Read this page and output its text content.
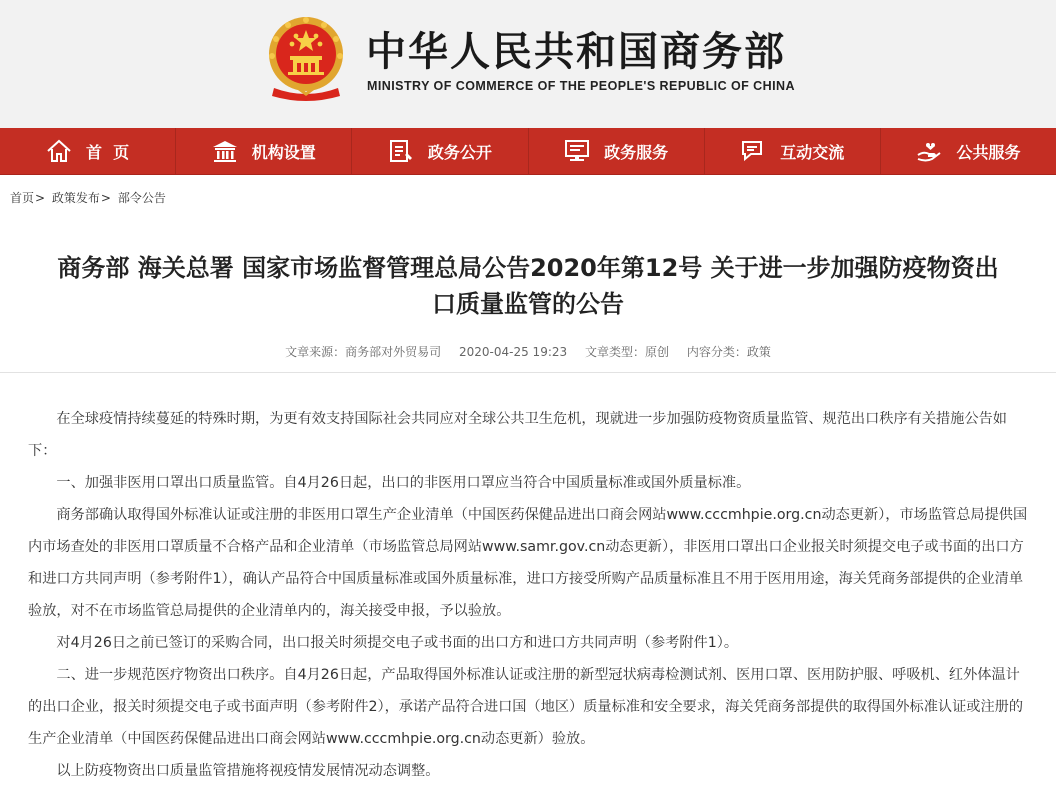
中华人民共和国商务部
MINISTRY OF COMMERCE OF THE PEOPLE'S REPUBLIC OF CHINA
首  页	机构设置	政务公开	政务服务	互动交流	公共服务
首页> 政策发布> 部令公告
商务部 海关总署 国家市场监督管理总局公告2020年第12号 关于进一步加强防疫物资出
口质量监管的公告
文章来源：商务部对外贸易司 2020-04-25 19:23 文章类型：原创 内容分类：政策

在全球疫情持续蔓延的特殊时期，为更有效支持国际社会共同应对全球公共卫生危机，现就进一步加强防疫物资质量监管、规范出口秩序有关措施公告如下：

一、加强非医用口罩出口质量监管。自4月26日起，出口的非医用口罩应当符合中国质量标准或国外质量标准。

商务部确认取得国外标准认证或注册的非医用口罩生产企业清单（中国医药保健品进出口商会网站www.cccmhpie.org.cn动态更新），市场监管总局提供国内市场查处的非医用口罩质量不合格产品和企业清单（市场监管总局网站www.samr.gov.cn动态更新），非医用口罩出口企业报关时须提交电子或书面的出口方和进口方共同声明（参考附件1），确认产品符合中国质量标准或国外质量标准，进口方接受所购产品质量标准且不用于医用用途，海关凭商务部提供的企业清单验放，对不在市场监管总局提供的企业清单内的，海关接受申报，予以验放。

对4月26日之前已签订的采购合同，出口报关时须提交电子或书面的出口方和进口方共同声明（参考附件1）。

二、进一步规范医疗物资出口秩序。自4月26日起，产品取得国外标准认证或注册的新型冠状病毒检测试剂、医用口罩、医用防护服、呼吸机、红外体温计的出口企业，报关时须提交电子或书面声明（参考附件2），承诺产品符合进口国（地区）质量标准和安全要求，海关凭商务部提供的取得国外标准认证或注册的生产企业清单（中国医药保健品进出口商会网站www.cccmhpie.org.cn动态更新）验放。

以上防疫物资出口质量监管措施将视疫情发展情况动态调整。
